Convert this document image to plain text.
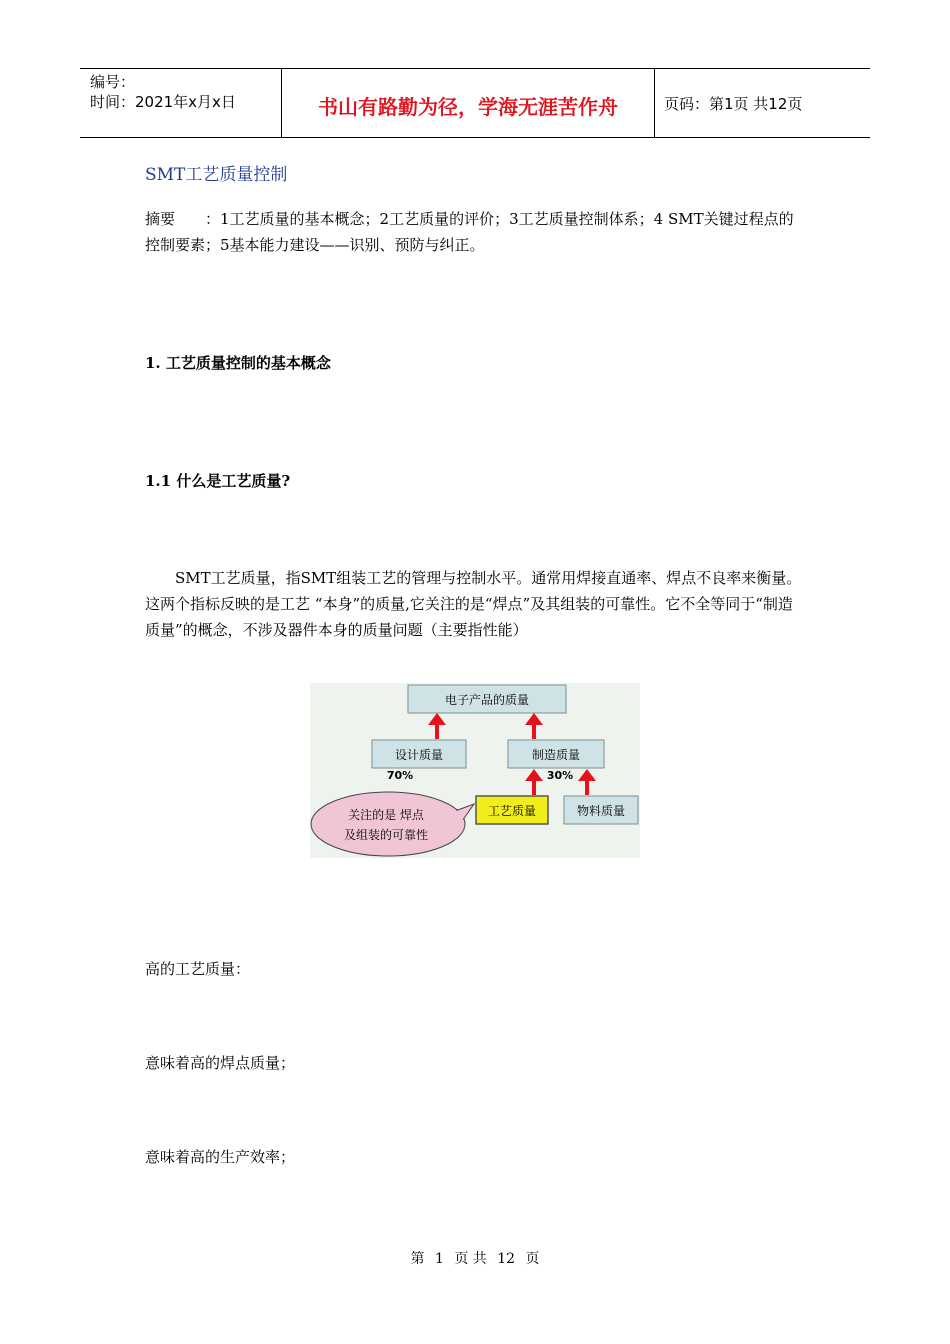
编号：
时间：2021年x月x日	书山有路勤为径，学海无涯苦作舟	页码：第1页 共12页
SMT工艺质量控制
摘要　　：1工艺质量的基本概念；2工艺质量的评价；3工艺质量控制体系；4 SMT关键过程点的控制要素；5基本能力建设——识别、预防与纠正。
1. 工艺质量控制的基本概念
1.1 什么是工艺质量?
SMT工艺质量，指SMT组装工艺的管理与控制水平。通常用焊接直通率、焊点不良率来衡量。这两个指标反映的是工艺 “本身”的质量,它关注的是“焊点”及其组装的可靠性。它不全等同于“制造质量”的概念，不涉及器件本身的质量问题（主要指性能）
电子产品的质量
设计质量
70%
制造质量
30%
工艺质量	物料质量
关注的是 焊点
及组装的可靠性
高的工艺质量：
意味着高的焊点质量；
意味着高的生产效率；
第 1 页 共 12 页
